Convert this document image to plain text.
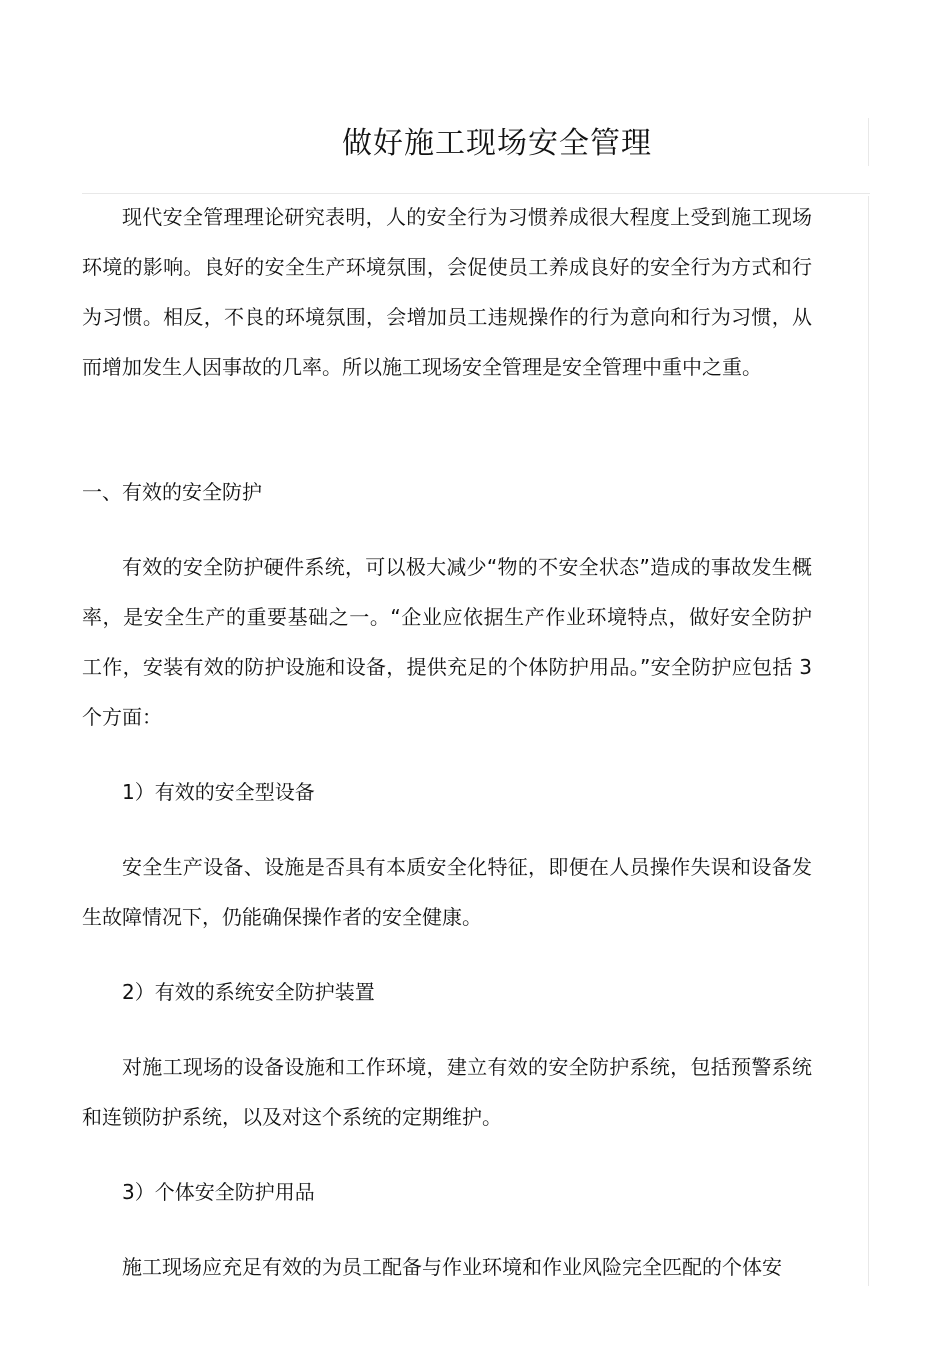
做好施工现场安全管理

现代安全管理理论研究表明，人的安全行为习惯养成很大程度上受到施工现场环境的影响。良好的安全生产环境氛围，会促使员工养成良好的安全行为方式和行为习惯。相反，不良的环境氛围，会增加员工违规操作的行为意向和行为习惯，从而增加发生人因事故的几率。所以施工现场安全管理是安全管理中重中之重。

一、有效的安全防护

有效的安全防护硬件系统，可以极大减少“物的不安全状态”造成的事故发生概率，是安全生产的重要基础之一。“企业应依据生产作业环境特点，做好安全防护工作，安装有效的防护设施和设备，提供充足的个体防护用品。”安全防护应包括 3 个方面：

1）有效的安全型设备

安全生产设备、设施是否具有本质安全化特征，即便在人员操作失误和设备发生故障情况下，仍能确保操作者的安全健康。

2）有效的系统安全防护装置

对施工现场的设备设施和工作环境，建立有效的安全防护系统，包括预警系统和连锁防护系统，以及对这个系统的定期维护。

3）个体安全防护用品

施工现场应充足有效的为员工配备与作业环境和作业风险完全匹配的个体安
